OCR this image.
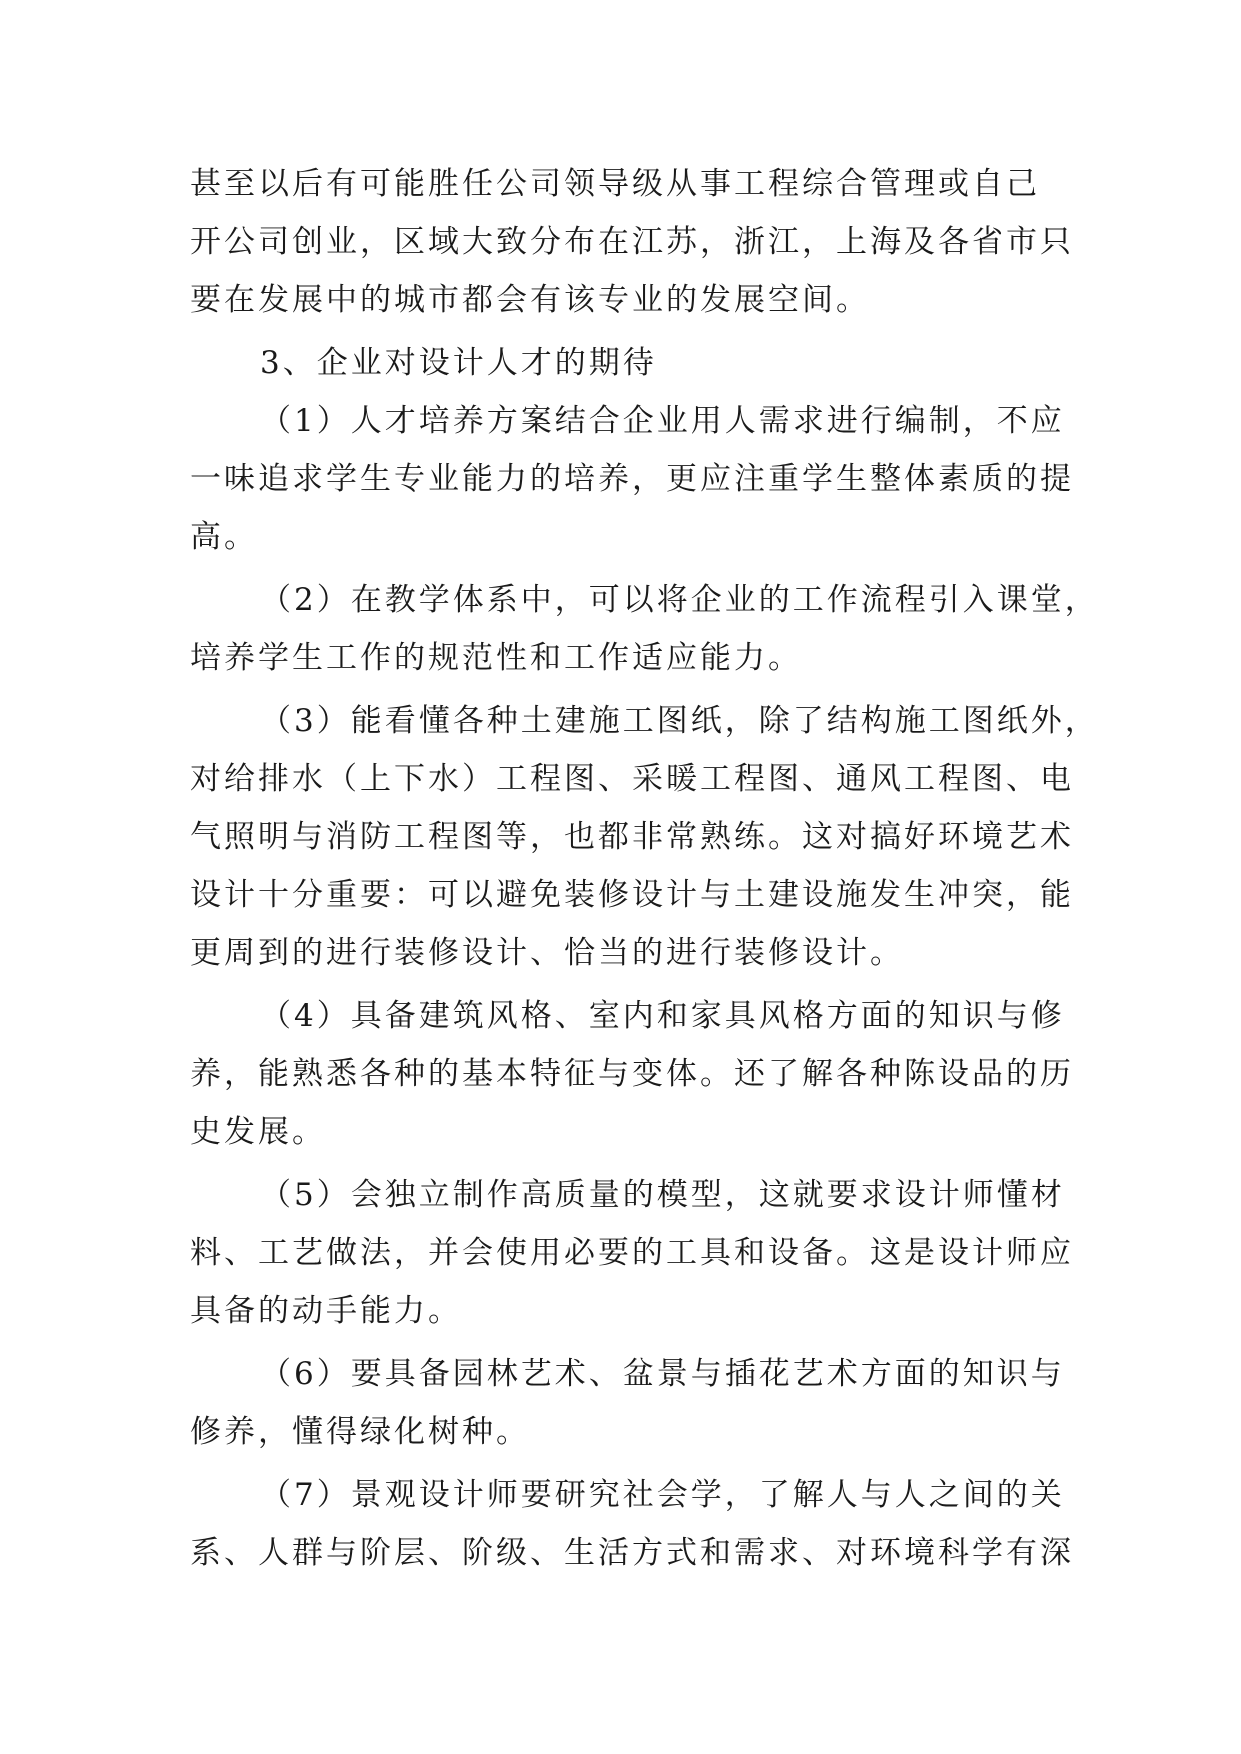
甚至以后有可能胜任公司领导级从事工程综合管理或自己
开公司创业，区域大致分布在江苏，浙江，上海及各省市只
要在发展中的城市都会有该专业的发展空间。
3、企业对设计人才的期待
（1）人才培养方案结合企业用人需求进行编制，不应
一味追求学生专业能力的培养，更应注重学生整体素质的提
高。
（2）在教学体系中，可以将企业的工作流程引入课堂，
培养学生工作的规范性和工作适应能力。
（3）能看懂各种土建施工图纸，除了结构施工图纸外，
对给排水（上下水）工程图、采暖工程图、通风工程图、电
气照明与消防工程图等，也都非常熟练。这对搞好环境艺术
设计十分重要：可以避免装修设计与土建设施发生冲突，能
更周到的进行装修设计、恰当的进行装修设计。
（4）具备建筑风格、室内和家具风格方面的知识与修
养，能熟悉各种的基本特征与变体。还了解各种陈设品的历
史发展。
（5）会独立制作高质量的模型，这就要求设计师懂材
料、工艺做法，并会使用必要的工具和设备。这是设计师应
具备的动手能力。
（6）要具备园林艺术、盆景与插花艺术方面的知识与
修养，懂得绿化树种。
（7）景观设计师要研究社会学，了解人与人之间的关
系、人群与阶层、阶级、生活方式和需求、对环境科学有深
